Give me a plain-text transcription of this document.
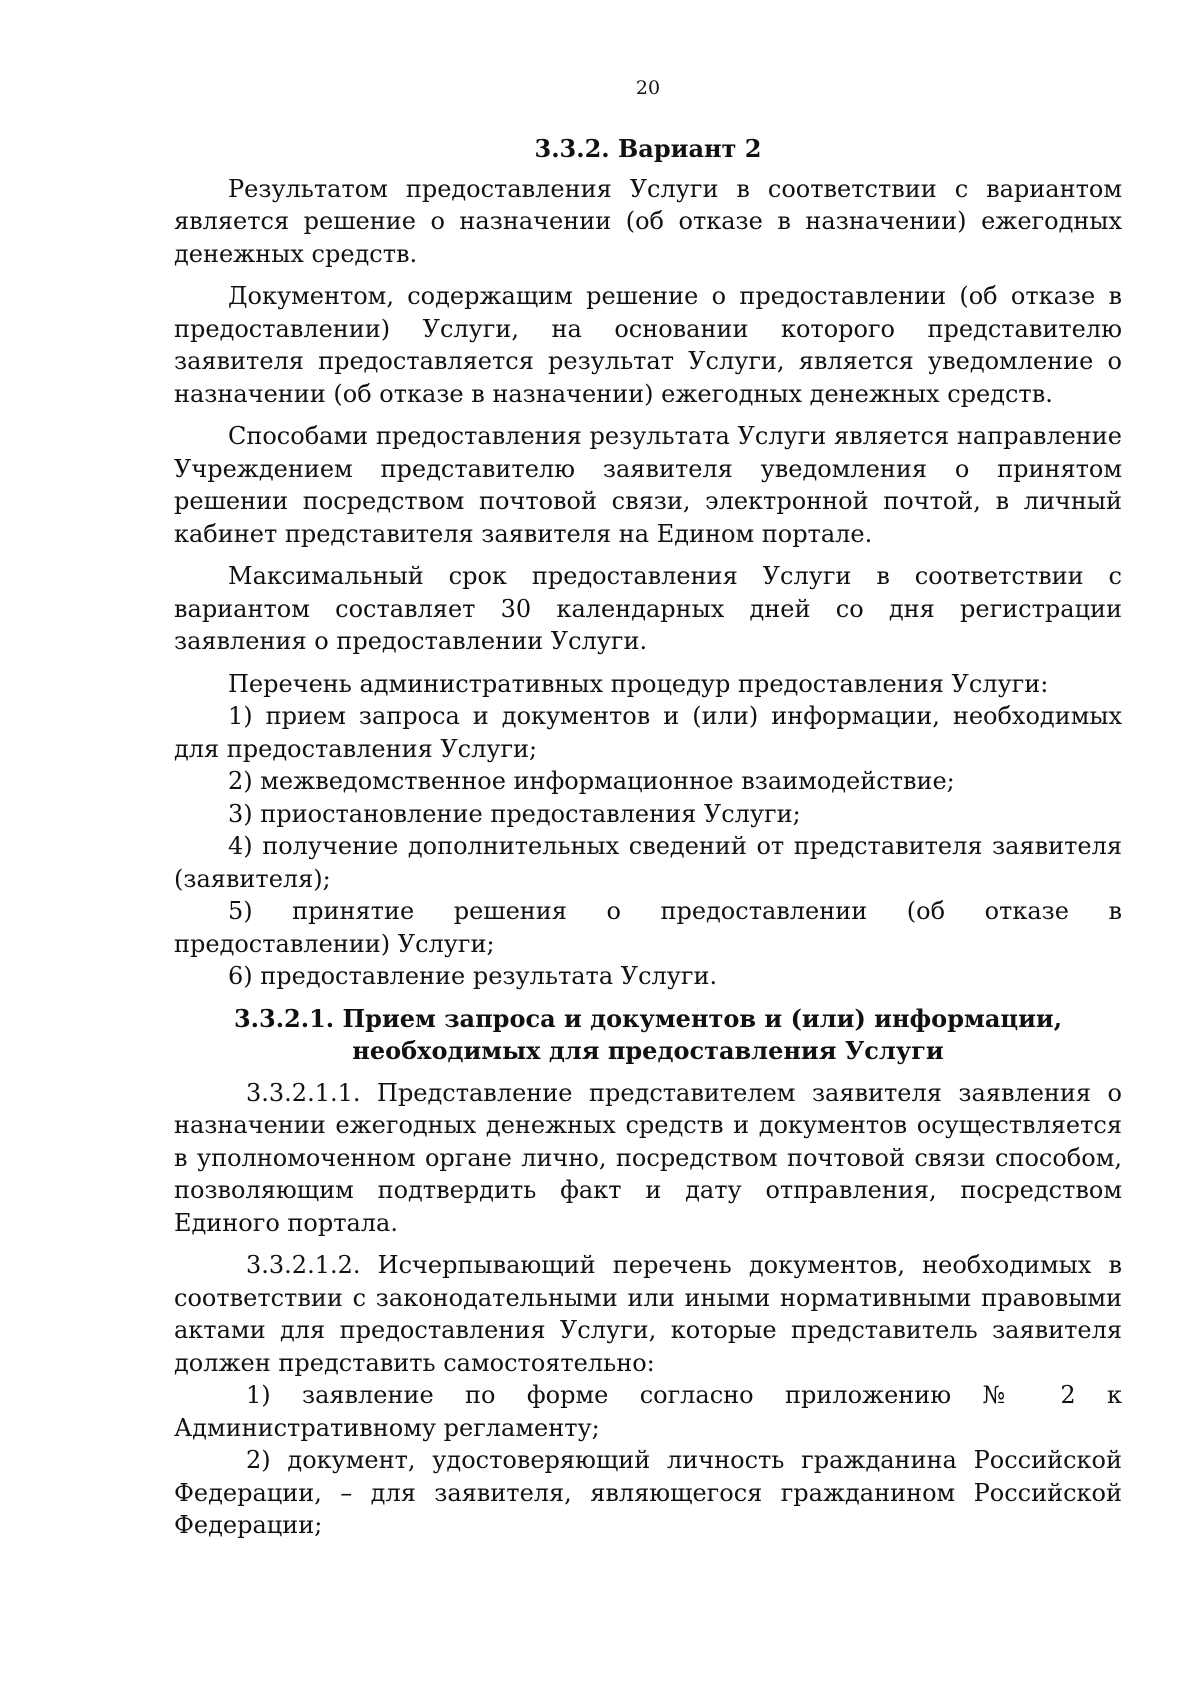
20
3.3.2. Вариант 2

Результатом предоставления Услуги в соответствии с вариантом является решение о назначении (об отказе в назначении) ежегодных денежных средств.

Документом, содержащим решение о предоставлении (об отказе в предоставлении) Услуги, на основании которого представителю заявителя предоставляется результат Услуги, является уведомление о назначении (об отказе в назначении) ежегодных денежных средств.

Способами предоставления результата Услуги является направление Учреждением представителю заявителя уведомления о принятом решении посредством почтовой связи, электронной почтой, в личный кабинет представителя заявителя на Едином портале.

Максимальный срок предоставления Услуги в соответствии с вариантом составляет 30 календарных дней со дня регистрации заявления о предоставлении Услуги.

Перечень административных процедур предоставления Услуги:

1) прием запроса и документов и (или) информации, необходимых для предоставления Услуги;

2) межведомственное информационное взаимодействие;

3) приостановление предоставления Услуги;

4) получение дополнительных сведений от представителя заявителя (заявителя);

5) принятие решения о предоставлении (об отказе в предоставлении) Услуги;

6) предоставление результата Услуги.

3.3.2.1. Прием запроса и документов и (или) информации, необходимых для предоставления Услуги

3.3.2.1.1. Представление представителем заявителя заявления о назначении ежегодных денежных средств и документов осуществляется в уполномоченном органе лично, посредством почтовой связи способом, позволяющим подтвердить факт и дату отправления, посредством Единого портала.

3.3.2.1.2. Исчерпывающий перечень документов, необходимых в соответствии с законодательными или иными нормативными правовыми актами для предоставления Услуги, которые представитель заявителя должен представить самостоятельно:

1) заявление по форме согласно приложению № 2 к Административному регламенту;

2) документ, удостоверяющий личность гражданина Российской Федерации, – для заявителя, являющегося гражданином Российской Федерации;
